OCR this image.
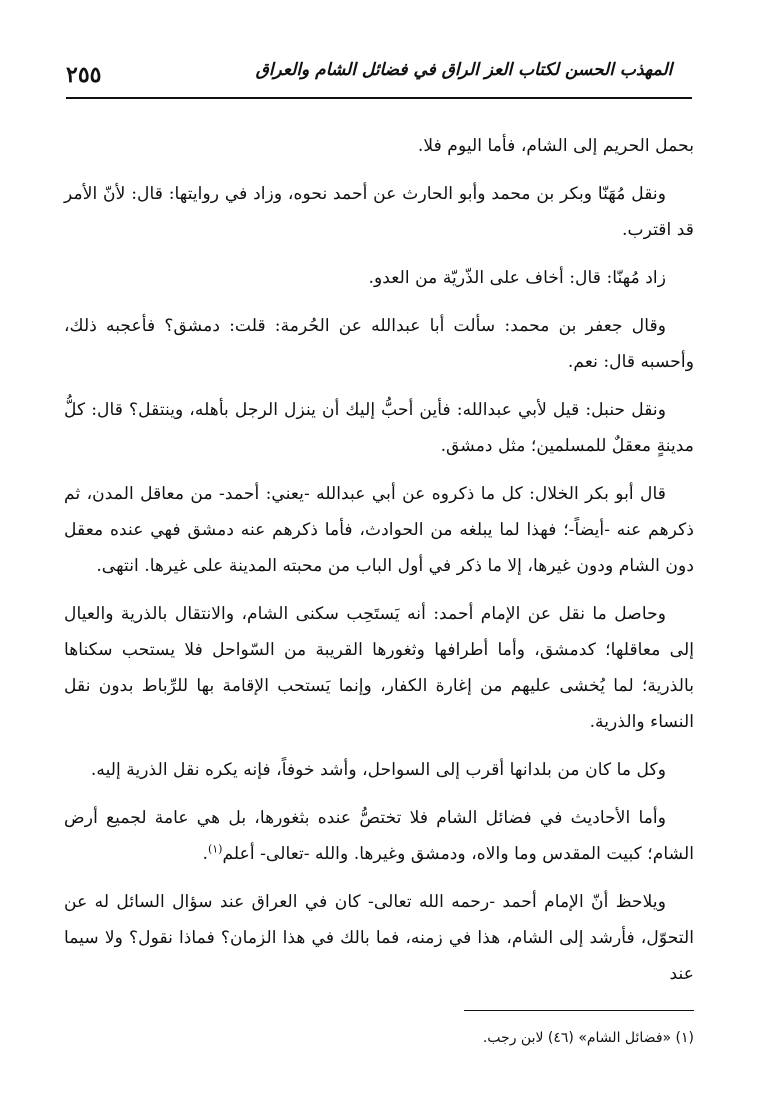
المهذب الحسن لكتاب العز الراق في فضائل الشام والعراق
٢٥٥

بحمل الحريم إلى الشام، فأما اليوم فلا.

ونقل مُهَنّا وبكر بن محمد وأبو الحارث عن أحمد نحوه، وزاد في روايتها: قال: لأنّ الأمر قد اقترب.

زاد مُهنّا: قال: أخاف على الذّريّة من العدو.

وقال جعفر بن محمد: سألت أبا عبدالله عن الحُرمة: قلت: دمشق؟ فأعجبه ذلك، وأحسبه قال: نعم.

ونقل حنبل: قيل لأبي عبدالله: فأين أحبُّ إليك أن ينزل الرجل بأهله، وينتقل؟ قال: كلُّ مدينةٍ معقلٌ للمسلمين؛ مثل دمشق.

قال أبو بكر الخلال: كل ما ذكروه عن أبي عبدالله -يعني: أحمد- من معاقل المدن، ثم ذكرهم عنه -أيضاً-؛ فهذا لما يبلغه من الحوادث، فأما ذكرهم عنه دمشق فهي عنده معقل دون الشام ودون غيرها، إلا ما ذكر في أول الباب من محبته المدينة على غيرها. انتهى.

وحاصل ما نقل عن الإمام أحمد: أنه يَستَحِب سكنى الشام، والانتقال بالذرية والعيال إلى معاقلها؛ كدمشق، وأما أطرافها وثغورها القريبة من السّواحل فلا يستحب سكناها بالذرية؛ لما يُخشى عليهم من إغارة الكفار، وإنما يَستحب الإقامة بها للرِّباط بدون نقل النساء والذرية.

وكل ما كان من بلدانها أقرب إلى السواحل، وأشد خوفاً، فإنه يكره نقل الذرية إليه.

وأما الأحاديث في فضائل الشام فلا تختصُّ عنده بثغورها، بل هي عامة لجميع أرض الشام؛ كبيت المقدس وما والاه، ودمشق وغيرها. والله -تعالى- أعلم$^{(١)}$.

ويلاحظ أنّ الإمام أحمد -رحمه الله تعالى- كان في العراق عند سؤال السائل له عن التحوّل، فأرشد إلى الشام، هذا في زمنه، فما بالك في هذا الزمان؟ فماذا نقول؟ ولا سيما عند

(١) «فضائل الشام» (٤٦) لابن رجب.
